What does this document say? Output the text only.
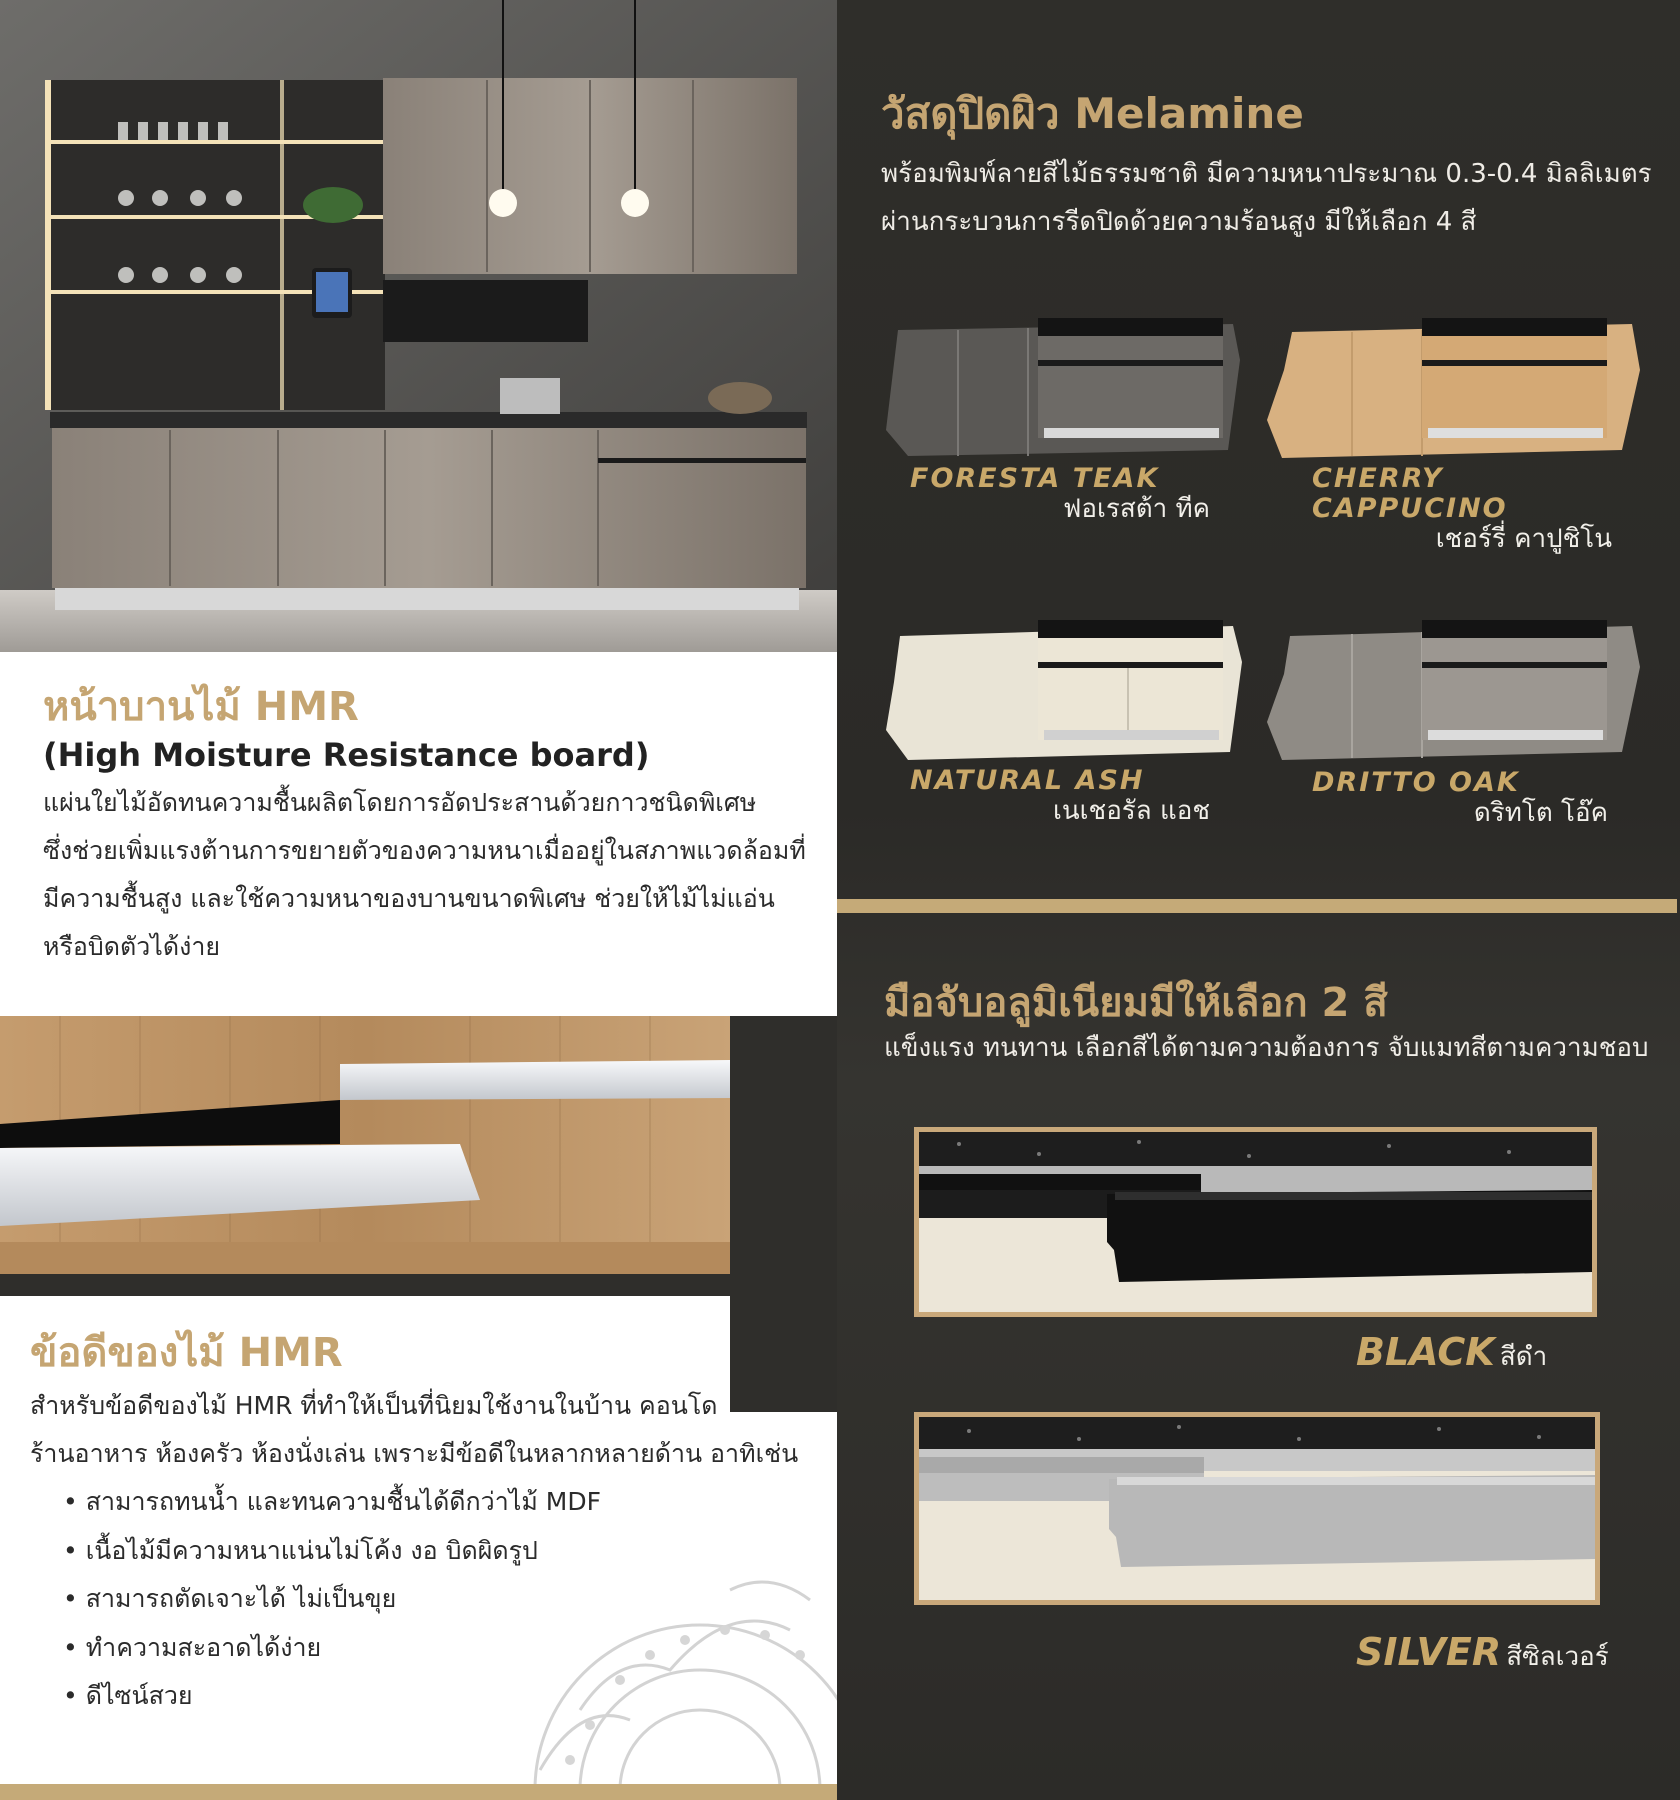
หน้าบานไม้ HMR
(High Moisture Resistance board)
แผ่นใยไม้อัดทนความชื้นผลิตโดยการอัดประสานด้วยกาวชนิดพิเศษ
ซึ่งช่วยเพิ่มแรงต้านการขยายตัวของความหนาเมื่ออยู่ในสภาพแวดล้อมที่
มีความชื้นสูง และใช้ความหนาของบานขนาดพิเศษ ช่วยให้ไม้ไม่แอ่น
หรือบิดตัวได้ง่าย
ข้อดีของไม้ HMR
สำหรับข้อดีของไม้ HMR ที่ทำให้เป็นที่นิยมใช้งานในบ้าน คอนโด
ร้านอาหาร ห้องครัว ห้องนั่งเล่น เพราะมีข้อดีในหลากหลายด้าน อาทิเช่น
• สามารถทนน้ำ และทนความชื้นได้ดีกว่าไม้ MDF
• เนื้อไม้มีความหนาแน่นไม่โค้ง งอ บิดผิดรูป
• สามารถตัดเจาะได้ ไม่เป็นขุย
• ทำความสะอาดได้ง่าย
• ดีไซน์สวย
วัสดุปิดผิว Melamine
พร้อมพิมพ์ลายสีไม้ธรรมชาติ มีความหนาประมาณ 0.3-0.4 มิลลิเมตร
ผ่านกระบวนการรีดปิดด้วยความร้อนสูง มีให้เลือก 4 สี
FORESTA TEAK
ฟอเรสต้า ทีค
CHERRY
CAPPUCINO
เชอร์รี่ คาปูชิโน
NATURAL ASH
เนเชอรัล แอช
DRITTO OAK
ดริทโต โอ๊ค
มือจับอลูมิเนียมมีให้เลือก 2 สี
แข็งแรง ทนทาน เลือกสีได้ตามความต้องการ จับแมทสีตามความชอบ
BLACK สีดำ
SILVER สีซิลเวอร์
